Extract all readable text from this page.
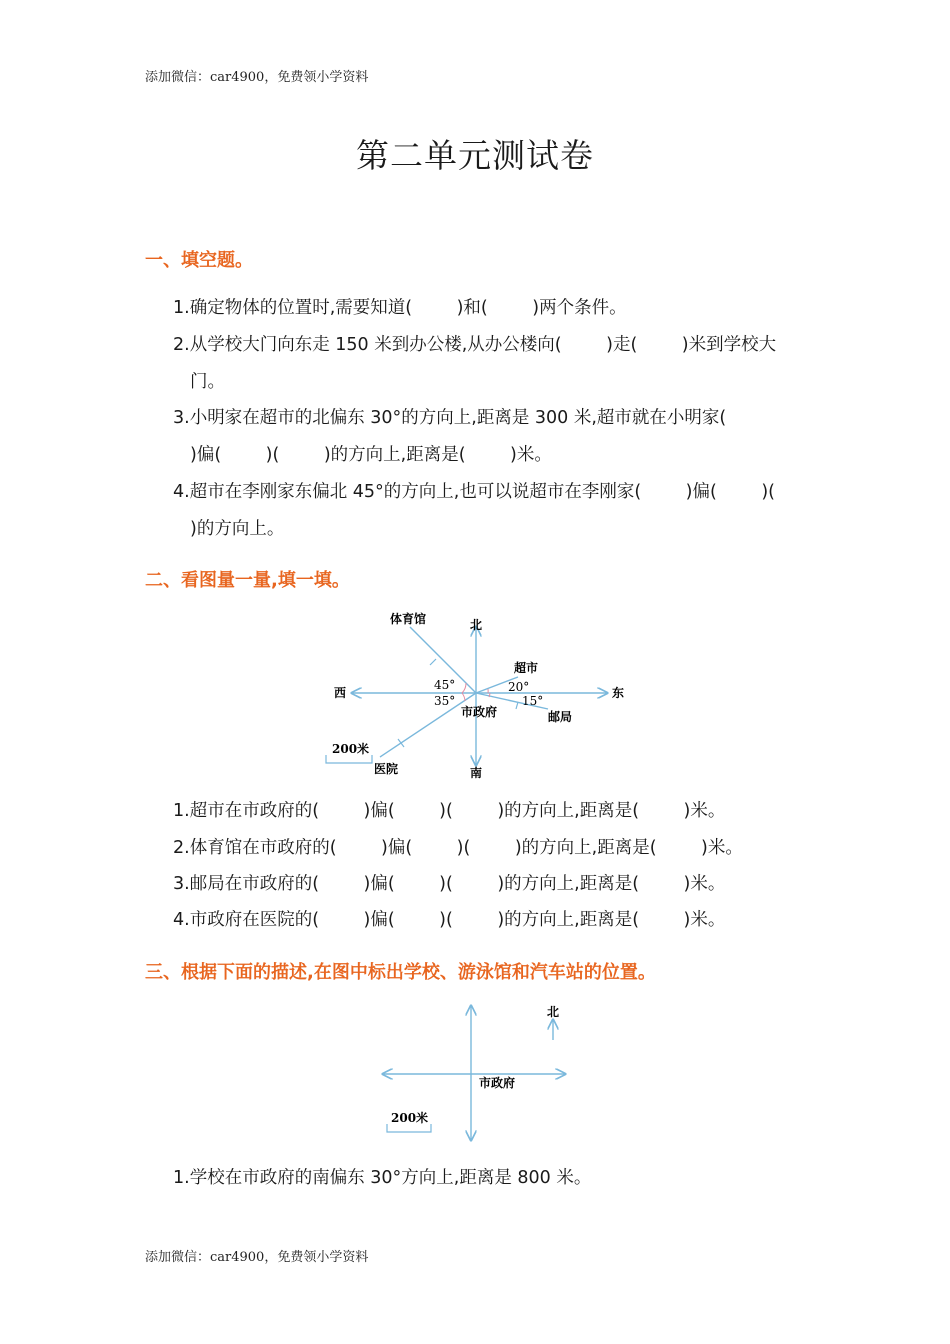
添加微信：car4900，免费领小学资料
第二单元测试卷
一、填空题。
1.确定物体的位置时,需要知道(        )和(        )两个条件。
2.从学校大门向东走 150 米到办公楼,从办公楼向(        )走(        )米到学校大
门。
3.小明家在超市的北偏东 30°的方向上,距离是 300 米,超市就在小明家(
)偏(        )(        )的方向上,距离是(        )米。
4.超市在李刚家东偏北 45°的方向上,也可以说超市在李刚家(        )偏(        )(
)的方向上。
二、看图量一量,填一填。
北
南
东
西
市政府
体育馆
超市
邮局
医院
45°
35°
20°
15°
200米
1.超市在市政府的(        )偏(        )(        )的方向上,距离是(        )米。
2.体育馆在市政府的(        )偏(        )(        )的方向上,距离是(        )米。
3.邮局在市政府的(        )偏(        )(        )的方向上,距离是(        )米。
4.市政府在医院的(        )偏(        )(        )的方向上,距离是(        )米。
三、根据下面的描述,在图中标出学校、游泳馆和汽车站的位置。
北
市政府
200米
1.学校在市政府的南偏东 30°方向上,距离是 800 米。
添加微信：car4900，免费领小学资料
